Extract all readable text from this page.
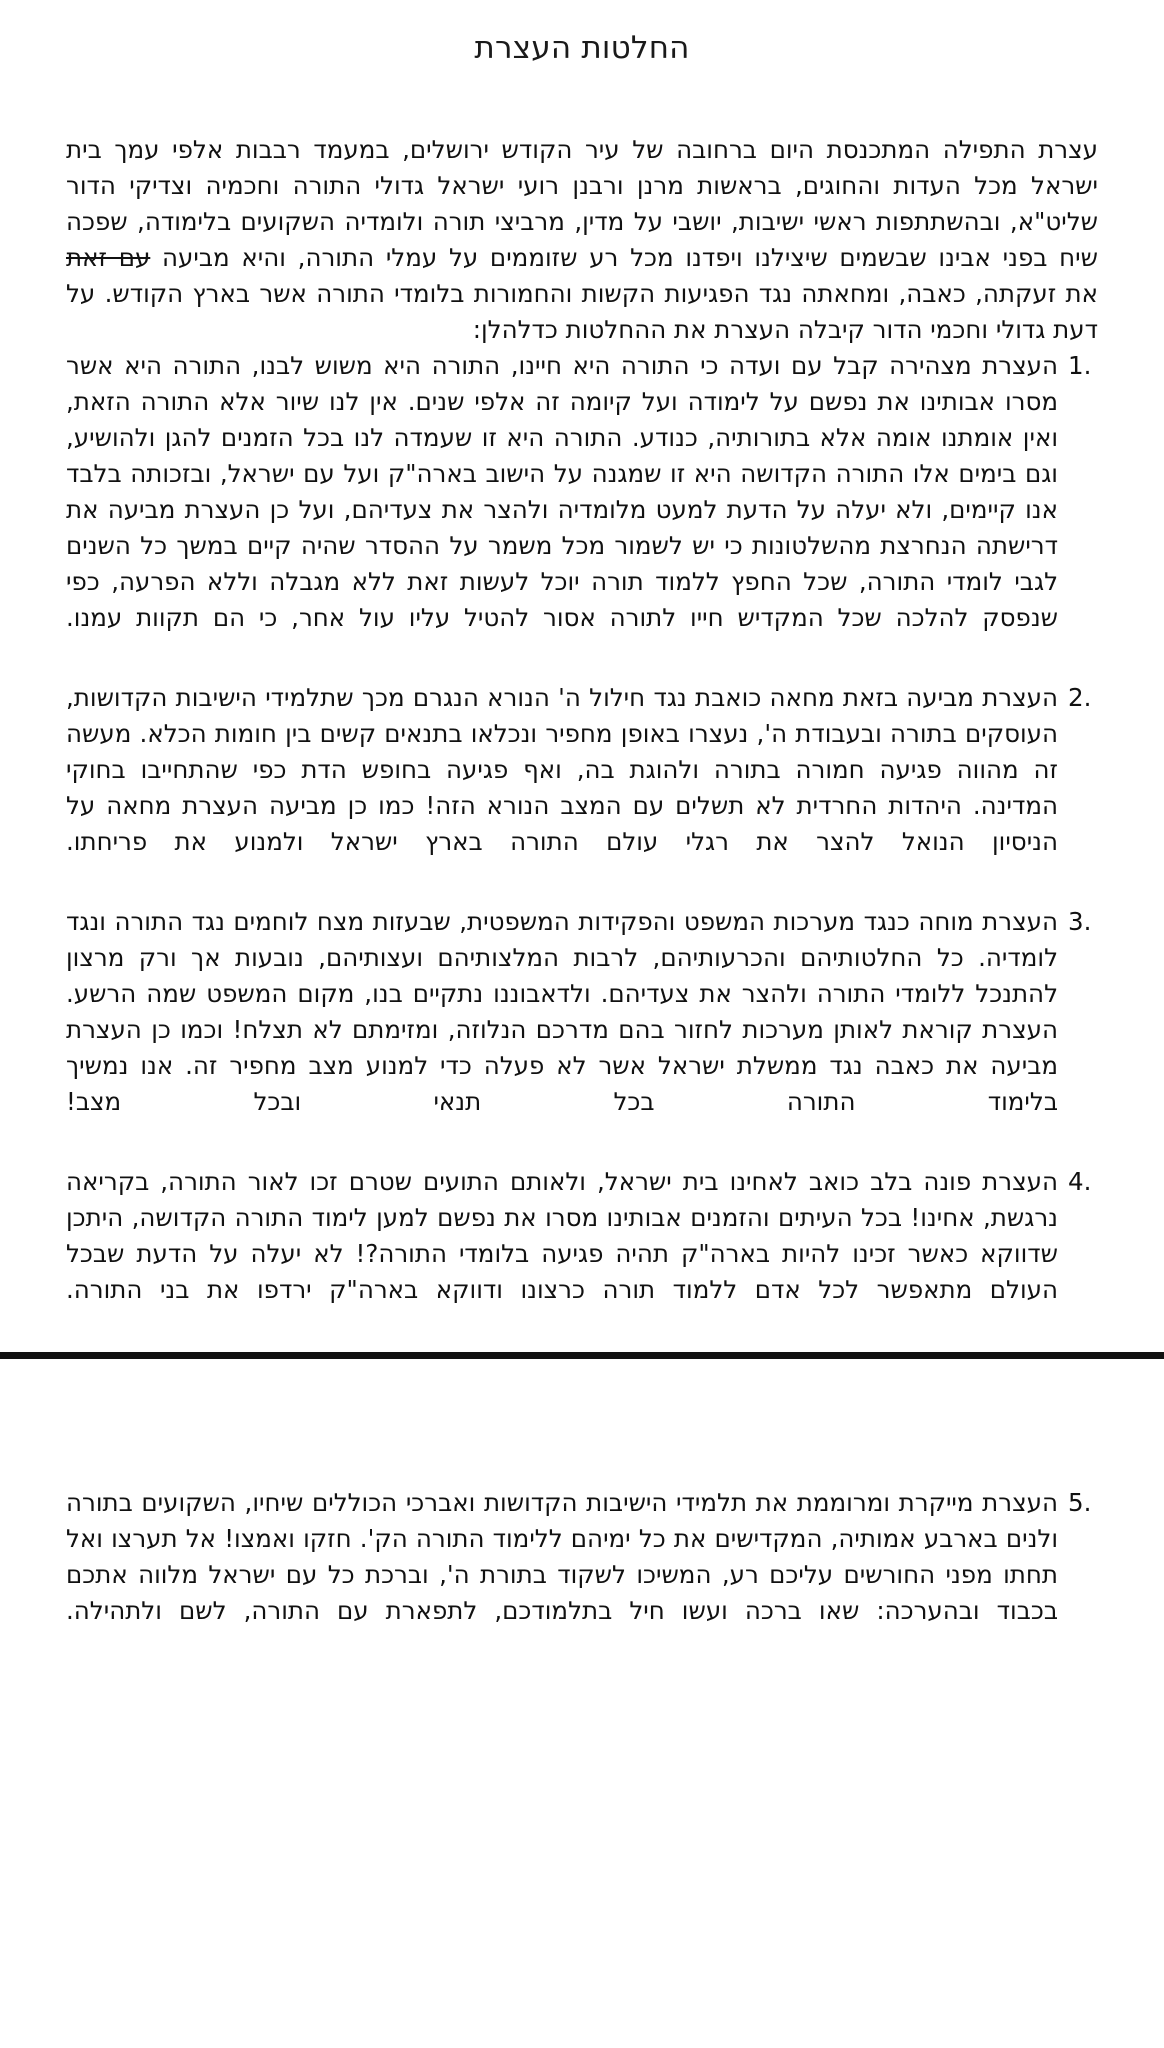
החלטות העצרת

עצרת התפילה המתכנסת היום ברחובה של עיר הקודש ירושלים, במעמד רבבות אלפי עמך בית ישראל מכל העדות והחוגים, בראשות מרנן ורבנן רועי ישראל גדולי התורה וחכמיה וצדיקי הדור שליט"א, ובהשתתפות ראשי ישיבות, יושבי על מדין, מרביצי תורה ולומדיה השקועים בלימודה, שפכה שיח בפני אבינו שבשמים שיצילנו ויפדנו מכל רע שזוממים על עמלי התורה, והיא מביעה עם זאת
את זעקתה, כאבה, ומחאתה נגד הפגיעות הקשות והחמורות בלומדי התורה אשר בארץ הקודש. על דעת גדולי וחכמי הדור קיבלה העצרת את ההחלטות כדלהלן:

1.
העצרת מצהירה קבל עם ועדה כי התורה היא חיינו, התורה היא משוש לבנו, התורה היא אשר מסרו אבותינו את נפשם על לימודה ועל קיומה זה אלפי שנים. אין לנו שיור אלא התורה הזאת, ואין אומתנו אומה אלא בתורותיה, כנודע. התורה היא זו שעמדה לנו בכל הזמנים להגן ולהושיע, וגם בימים אלו התורה הקדושה היא זו שמגנה על הישוב בארה"ק ועל עם ישראל, ובזכותה בלבד אנו קיימים, ולא יעלה על הדעת למעט מלומדיה ולהצר את צעדיהם, ועל כן העצרת מביעה את דרישתה הנחרצת מהשלטונות כי יש לשמור מכל משמר על ההסדר שהיה קיים במשך כל השנים לגבי לומדי התורה, שכל החפץ ללמוד תורה יוכל לעשות זאת ללא מגבלה וללא הפרעה, כפי שנפסק להלכה שכל המקדיש חייו לתורה אסור להטיל עליו עול אחר, כי הם תקוות עמנו.
2.
העצרת מביעה בזאת מחאה כואבת נגד חילול ה' הנורא הנגרם מכך שתלמידי הישיבות הקדושות, העוסקים בתורה ובעבודת ה', נעצרו באופן מחפיר ונכלאו בתנאים קשים בין חומות הכלא. מעשה זה מהווה פגיעה חמורה בתורה ולהוגת בה, ואף פגיעה בחופש הדת כפי שהתחייבו בחוקי המדינה. היהדות החרדית לא תשלים עם המצב הנורא הזה! כמו כן מביעה העצרת מחאה על הניסיון הנואל להצר את רגלי עולם התורה בארץ ישראל ולמנוע את פריחתו.
3.
העצרת מוחה כנגד מערכות המשפט והפקידות המשפטית, שבעזות מצח לוחמים נגד התורה ונגד לומדיה. כל החלטותיהם והכרעותיהם, לרבות המלצותיהם ועצותיהם, נובעות אך ורק מרצון להתנכל ללומדי התורה ולהצר את צעדיהם. ולדאבוננו נתקיים בנו, מקום המשפט שמה הרשע. העצרת קוראת לאותן מערכות לחזור בהם מדרכם הנלוזה, ומזימתם לא תצלח! וכמו כן העצרת מביעה את כאבה נגד ממשלת ישראל אשר לא פעלה כדי למנוע מצב מחפיר זה. אנו נמשיך בלימוד התורה בכל תנאי ובכל מצב!
4.
העצרת פונה בלב כואב לאחינו בית ישראל, ולאותם התועים שטרם זכו לאור התורה, בקריאה נרגשת, אחינו! בכל העיתים והזמנים אבותינו מסרו את נפשם למען לימוד התורה הקדושה, היתכן שדווקא כאשר זכינו להיות בארה"ק תהיה פגיעה בלומדי התורה?! לא יעלה על הדעת שבכל העולם מתאפשר לכל אדם ללמוד תורה כרצונו ודווקא בארה"ק ירדפו את בני התורה.
5.
העצרת מייקרת ומרוממת את תלמידי הישיבות הקדושות ואברכי הכוללים שיחיו, השקועים בתורה ולנים בארבע אמותיה, המקדישים את כל ימיהם ללימוד התורה הק'. חזקו ואמצו! אל תערצו ואל תחתו מפני החורשים עליכם רע, המשיכו לשקוד בתורת ה', וברכת כל עם ישראל מלווה אתכם בכבוד ובהערכה: שאו ברכה ועשו חיל בתלמודכם, לתפארת עם התורה, לשם ולתהילה.
